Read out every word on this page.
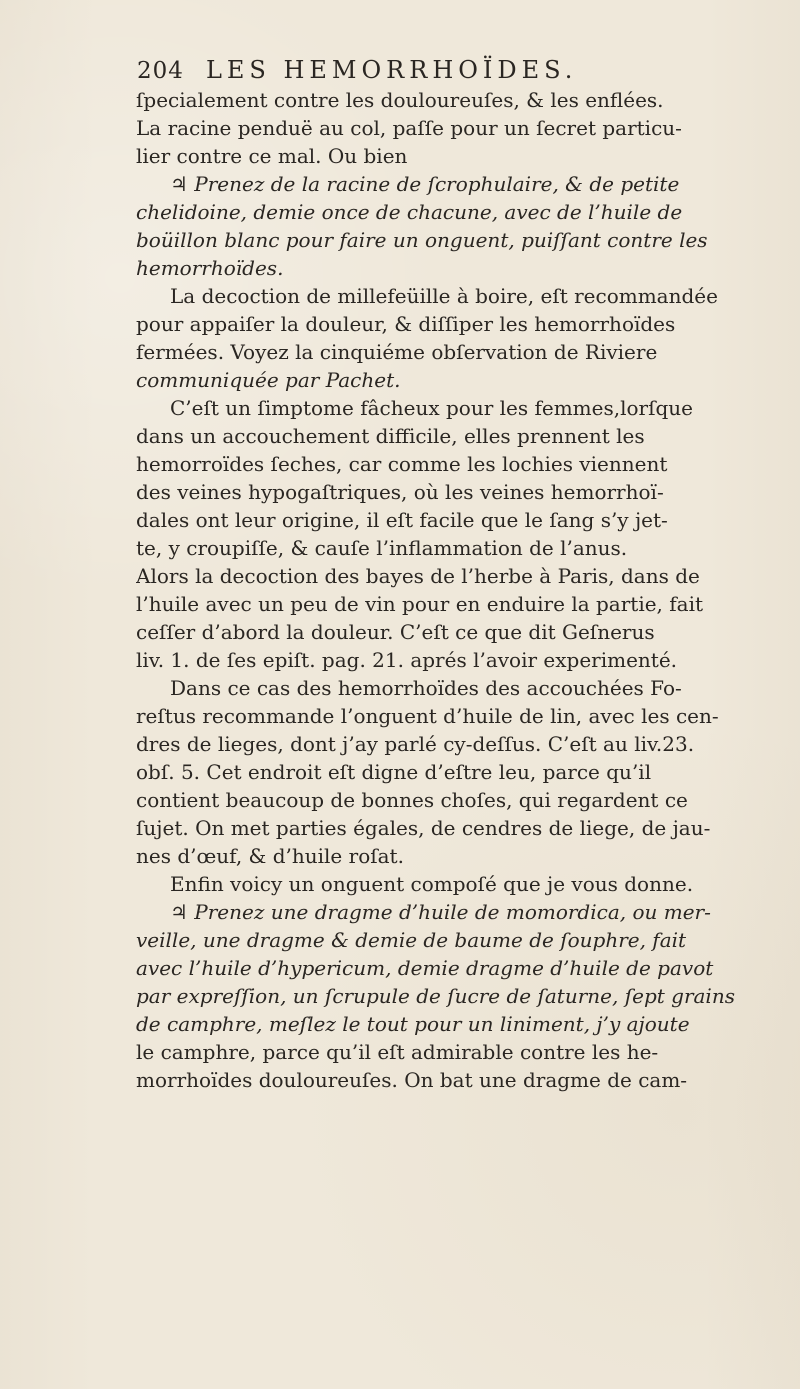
204 LES HEMORRHOÏDES.
ſpecialement contre les douloureuſes, & les enflées.
La racine penduë au col, paſſe pour un ſecret particu-
lier contre ce mal. Ou bien
♃ Prenez de la racine de ſcrophulaire, & de petite
chelidoine, demie once de chacune, avec de l’huile de
boüillon blanc pour faire un onguent, puiſſant contre les
hemorrhoïdes.
La decoction de millefeüille à boire, eſt recommandée
pour appaiſer la douleur, & diſſiper les hemorrhoïdes
fermées. Voyez la cinquiéme obſervation de Riviere
communiquée par Pachet.
C’eſt un ſimptome fâcheux pour les femmes,lorſque
dans un accouchement difficile, elles prennent les
hemorroïdes ſeches, car comme les lochies viennent
des veines hypogaſtriques, où les veines hemorrhoï-
dales ont leur origine, il eſt facile que le ſang s’y jet-
te, y croupiſſe, & cauſe l’inflammation de l’anus.
Alors la decoction des bayes de l’herbe à Paris, dans de
l’huile avec un peu de vin pour en enduire la partie, fait
ceſſer d’abord la douleur. C’eſt ce que dit Geſnerus
liv. 1. de ſes epiſt. pag. 21. aprés l’avoir experimenté.
Dans ce cas des hemorrhoïdes des accouchées Fo-
reſtus recommande l’onguent d’huile de lin, avec les cen-
dres de lieges, dont j’ay parlé cy-deſſus. C’eſt au liv.23.
obſ. 5. Cet endroit eſt digne d’eſtre leu, parce qu’il
contient beaucoup de bonnes choſes, qui regardent ce
ſujet. On met parties égales, de cendres de liege, de jau-
nes d’œuf, & d’huile roſat.
Enfin voicy un onguent compoſé que je vous donne.
♃ Prenez une dragme d’huile de momordica, ou mer-
veille, une dragme & demie de baume de ſouphre, fait
avec l’huile d’hypericum, demie dragme d’huile de pavot
par expreſſion, un ſcrupule de ſucre de ſaturne, ſept grains
de camphre, meſlez le tout pour un liniment, j’y ajoute
le camphre, parce qu’il eſt admirable contre les he-
morrhoïdes douloureuſes. On bat une dragme de cam-
